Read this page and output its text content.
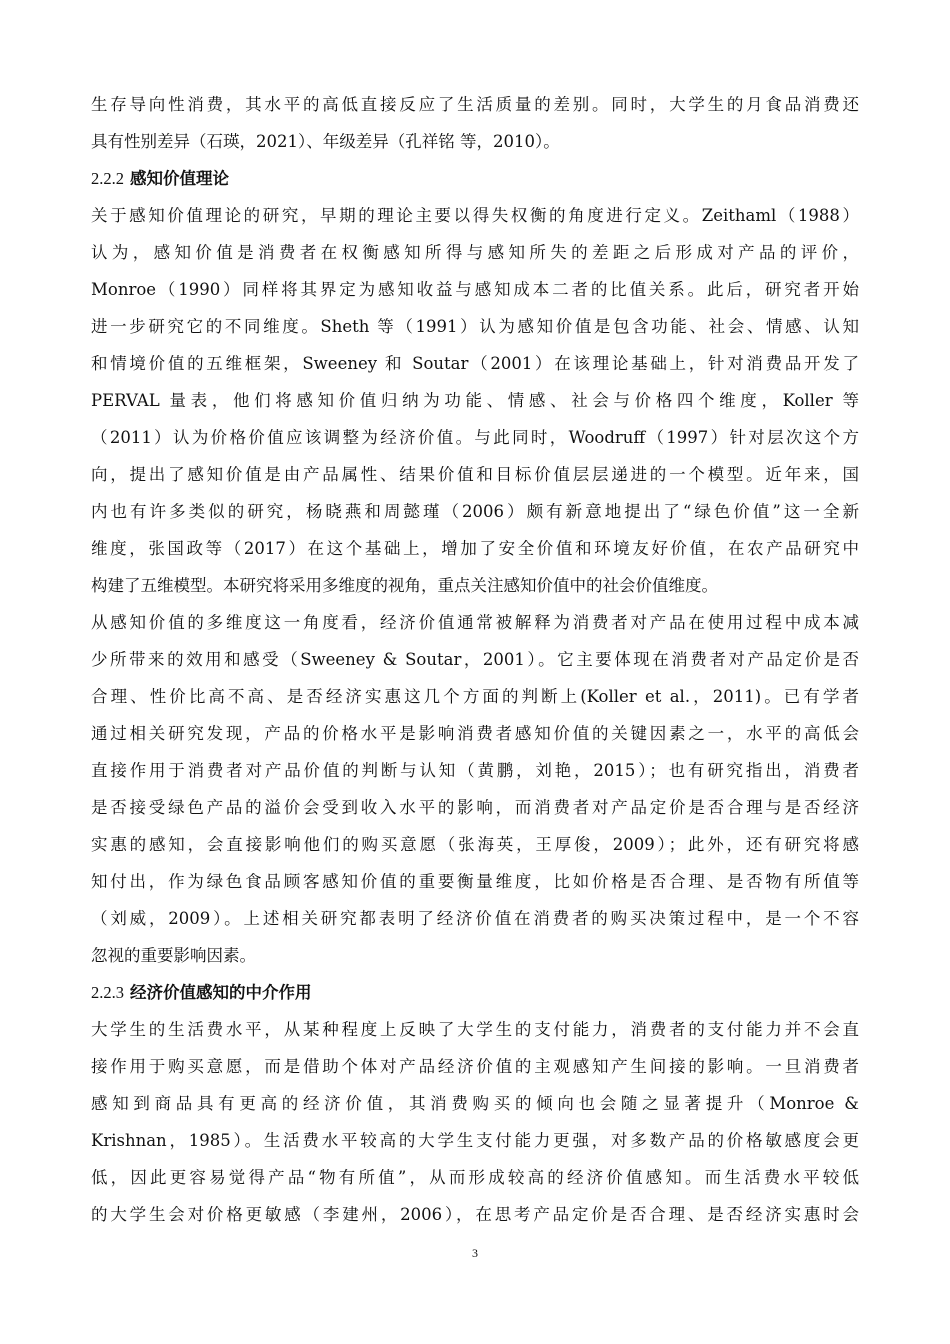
生存导向性消费，其水平的高低直接反应了生活质量的差别。同时，大学生的月食品消费还
具有性别差异（石瑛，2021）、年级差异（孔祥铭 等，2010）。
2.2.2 感知价值理论
关于感知价值理论的研究，早期的理论主要以得失权衡的角度进行定义。Zeithaml（1988）
认为，感知价值是消费者在权衡感知所得与感知所失的差距之后形成对产品的评价，
Monroe（1990）同样将其界定为感知收益与感知成本二者的比值关系。此后，研究者开始
进一步研究它的不同维度。Sheth 等（1991）认为感知价值是包含功能、社会、情感、认知
和情境价值的五维框架，Sweeney 和 Soutar（2001）在该理论基础上，针对消费品开发了
PERVAL 量表，他们将感知价值归纳为功能、情感、社会与价格四个维度，Koller 等
（2011）认为价格价值应该调整为经济价值。与此同时，Woodruff（1997）针对层次这个方
向，提出了感知价值是由产品属性、结果价值和目标价值层层递进的一个模型。近年来，国
内也有许多类似的研究，杨晓燕和周懿瑾（2006）颇有新意地提出了“绿色价值”这一全新
维度，张国政等（2017）在这个基础上，增加了安全价值和环境友好价值，在农产品研究中
构建了五维模型。本研究将采用多维度的视角，重点关注感知价值中的社会价值维度。
从感知价值的多维度这一角度看，经济价值通常被解释为消费者对产品在使用过程中成本减
少所带来的效用和感受（Sweeney & Soutar，2001）。它主要体现在消费者对产品定价是否
合理、性价比高不高、是否经济实惠这几个方面的判断上(Koller et al.，2011)。已有学者
通过相关研究发现，产品的价格水平是影响消费者感知价值的关键因素之一，水平的高低会
直接作用于消费者对产品价值的判断与认知（黄鹏，刘艳，2015）；也有研究指出，消费者
是否接受绿色产品的溢价会受到收入水平的影响，而消费者对产品定价是否合理与是否经济
实惠的感知，会直接影响他们的购买意愿（张海英，王厚俊，2009）；此外，还有研究将感
知付出，作为绿色食品顾客感知价值的重要衡量维度，比如价格是否合理、是否物有所值等
（刘威，2009）。上述相关研究都表明了经济价值在消费者的购买决策过程中，是一个不容
忽视的重要影响因素。
2.2.3 经济价值感知的中介作用
大学生的生活费水平，从某种程度上反映了大学生的支付能力，消费者的支付能力并不会直
接作用于购买意愿，而是借助个体对产品经济价值的主观感知产生间接的影响。一旦消费者
感知到商品具有更高的经济价值，其消费购买的倾向也会随之显著提升（Monroe &
Krishnan，1985）。生活费水平较高的大学生支付能力更强，对多数产品的价格敏感度会更
低，因此更容易觉得产品“物有所值”，从而形成较高的经济价值感知。而生活费水平较低
的大学生会对价格更敏感（李建州，2006），在思考产品定价是否合理、是否经济实惠时会
3
